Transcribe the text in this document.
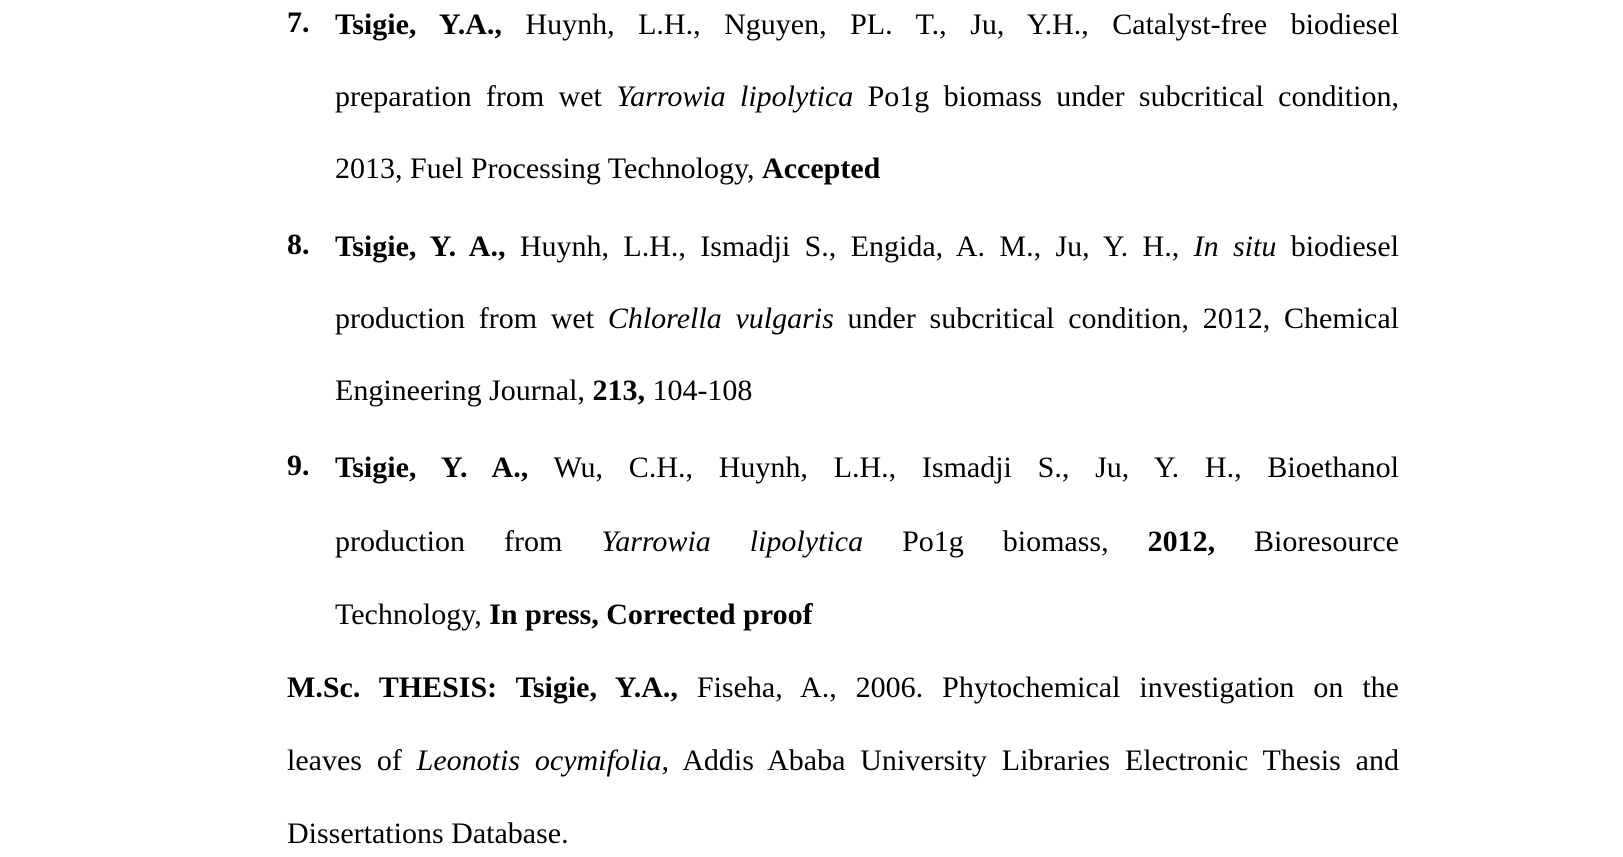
7. Tsigie, Y.A., Huynh, L.H., Nguyen, PL. T., Ju, Y.H., Catalyst-free biodiesel
preparation from wet Yarrowia lipolytica Po1g biomass under subcritical condition,
2013, Fuel Processing Technology, Accepted
8. Tsigie, Y. A., Huynh, L.H., Ismadji S., Engida, A. M., Ju, Y. H., In situ biodiesel
production from wet Chlorella vulgaris under subcritical condition, 2012, Chemical
Engineering Journal, 213, 104-108
9. Tsigie, Y. A., Wu, C.H., Huynh, L.H., Ismadji S., Ju, Y. H., Bioethanol
production from Yarrowia lipolytica Po1g biomass, 2012, Bioresource
Technology, In press, Corrected proof
M.Sc. THESIS: Tsigie, Y.A., Fiseha, A., 2006. Phytochemical investigation on the
leaves of Leonotis ocymifolia, Addis Ababa University Libraries Electronic Thesis and
Dissertations Database.
